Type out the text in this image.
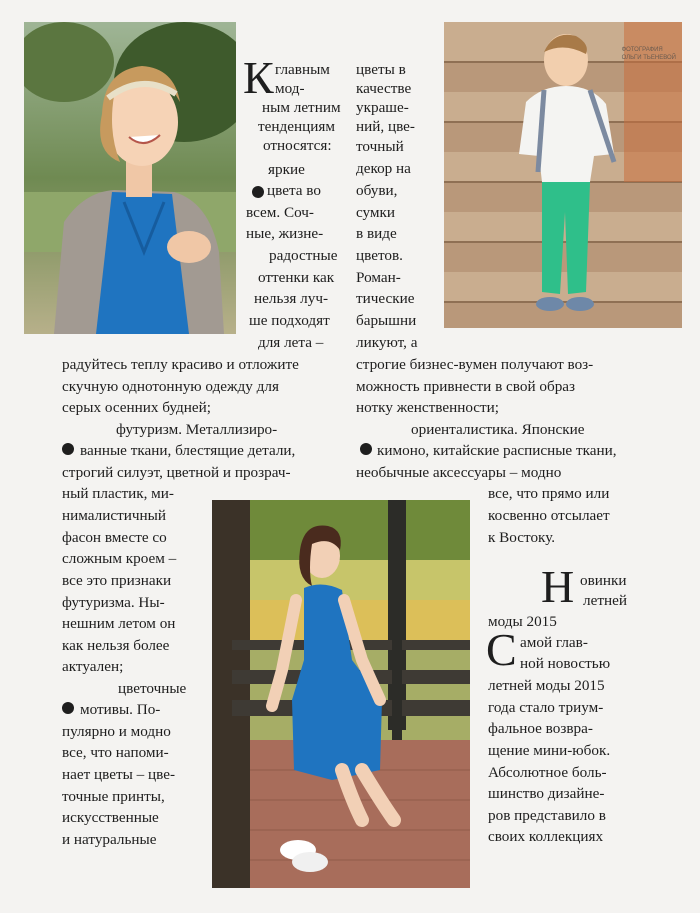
ФОТОГРАФИЯ
ОЛЬГИ ТЬЕНЕВОЙ
К главным
мод-
ным летним
тенденциям
относятся:
яркие
цвета во
всем. Соч-
ные, жизне-
радостные
оттенки как
нельзя луч-
ше подходят
для лета –
цветы в
качестве
украше-
ний, цве-
точный
декор на
обуви,
сумки
в виде
цветов.
Роман-
тические
барышни
ликуют, а
радуйтесь теплу красиво и отложите
скучную однотонную одежду для
серых осенних будней;
строгие бизнес-вумен получают воз-
можность привнести в свой образ
нотку женственности;
футуризм. Металлизиро-
ванные ткани, блестящие детали,
строгий силуэт, цветной и прозрач-
ный пластик, ми-
нималистичный
фасон вместе со
сложным кроем –
все это признаки
футуризма. Ны-
нешним летом он
как нельзя более
актуален;
цветочные
мотивы. По-
пулярно и модно
все, что напоми-
нает цветы – цве-
точные принты,
искусственные
и натуральные
ориенталистика. Японские
кимоно, китайские расписные ткани,
необычные аксессуары – модно
все, что прямо или
косвенно отсылает
к Востоку.
Н овинки
летней
моды 2015
С амой глав-
ной новостью
летней моды 2015
года стало триум-
фальное возвра-
щение мини-юбок.
Абсолютное боль-
шинство дизайне-
ров представило в
своих коллекциях
